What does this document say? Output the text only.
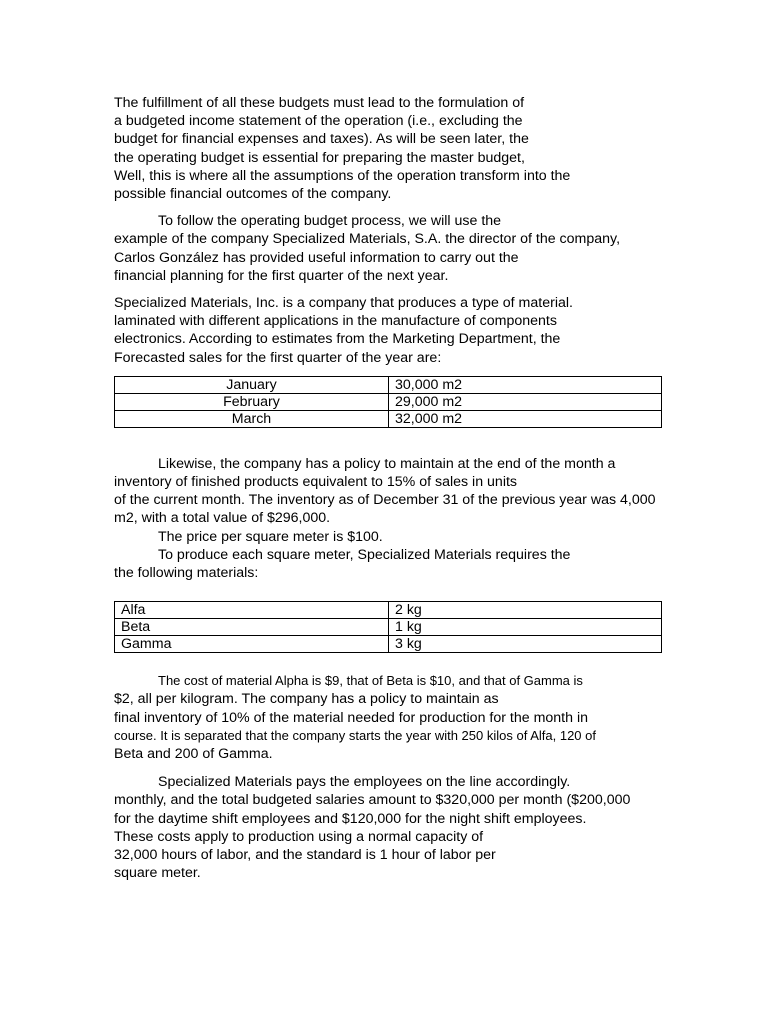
The fulfillment of all these budgets must lead to the formulation of
a budgeted income statement of the operation (i.e., excluding the
budget for financial expenses and taxes). As will be seen later, the
the operating budget is essential for preparing the master budget,
Well, this is where all the assumptions of the operation transform into the
possible financial outcomes of the company.
To follow the operating budget process, we will use the
example of the company Specialized Materials, S.A. the director of the company,
Carlos González has provided useful information to carry out the
financial planning for the first quarter of the next year.
Specialized Materials, Inc. is a company that produces a type of material.
laminated with different applications in the manufacture of components
electronics. According to estimates from the Marketing Department, the
Forecasted sales for the first quarter of the year are:
January	30,000 m2
February	29,000 m2
March	32,000 m2
Likewise, the company has a policy to maintain at the end of the month a
inventory of finished products equivalent to 15% of sales in units
of the current month. The inventory as of December 31 of the previous year was 4,000
m2, with a total value of $296,000.
The price per square meter is $100.
To produce each square meter, Specialized Materials requires the
the following materials:
Alfa	2 kg
Beta	1 kg
Gamma	3 kg
The cost of material Alpha is $9, that of Beta is $10, and that of Gamma is
$2, all per kilogram. The company has a policy to maintain as
final inventory of 10% of the material needed for production for the month in
course. It is separated that the company starts the year with 250 kilos of Alfa, 120 of
Beta and 200 of Gamma.
Specialized Materials pays the employees on the line accordingly.
monthly, and the total budgeted salaries amount to $320,000 per month ($200,000
for the daytime shift employees and $120,000 for the night shift employees.
These costs apply to production using a normal capacity of
32,000 hours of labor, and the standard is 1 hour of labor per
square meter.
